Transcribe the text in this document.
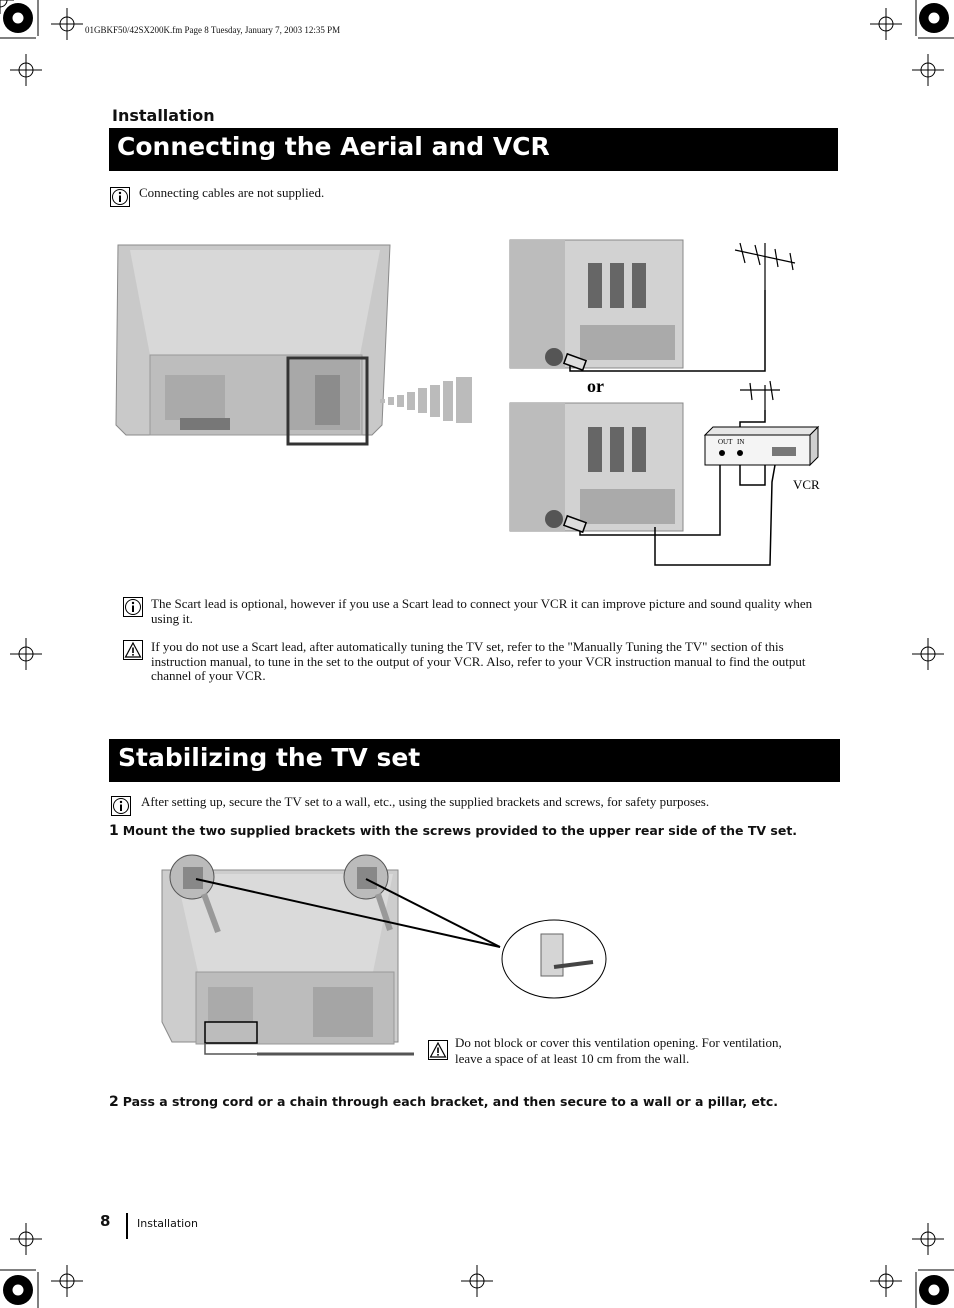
01GBKF50/42SX200K.fm Page 8 Tuesday, January 7, 2003 12:35 PM
Installation
Connecting the Aerial and VCR
Connecting cables are not supplied.
OUT IN
or
VCR
The Scart lead is optional, however if you use a Scart lead to connect your VCR it can improve picture and sound quality when using it.
If you do not use a Scart lead, after automatically tuning the TV set, refer to the "Manually Tuning the TV" section of this instruction manual, to tune in the set to the output of your VCR. Also, refer to your VCR instruction manual to find the output channel of your VCR.
Stabilizing the TV set
After setting up, secure the TV set to a wall, etc., using the supplied brackets and screws, for safety purposes.
1 Mount the two supplied brackets with the screws provided to the upper rear side of the TV set.
Do not block or cover this ventilation opening. For ventilation, leave a space of at least 10 cm from the wall.
2 Pass a strong cord or a chain through each bracket, and then secure to a wall or a pillar, etc.
8 Installation
